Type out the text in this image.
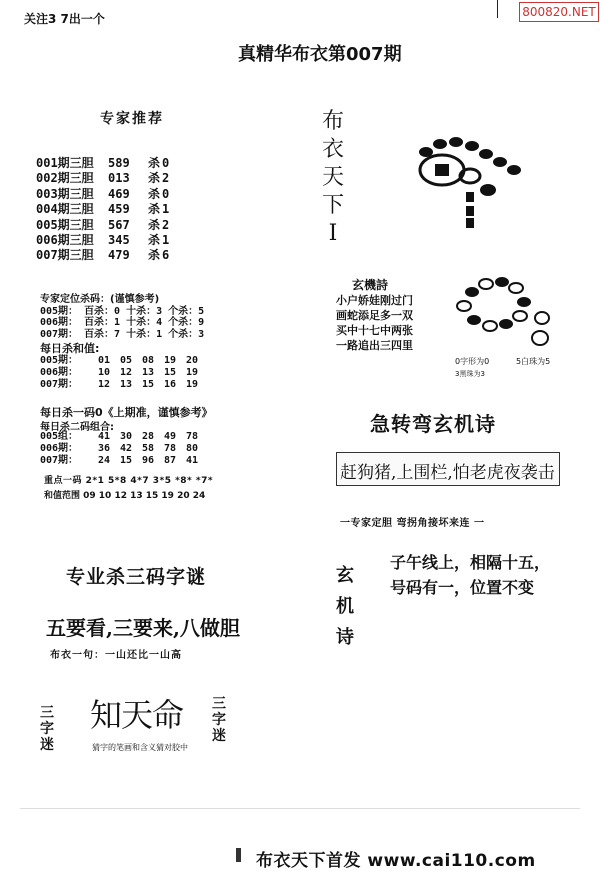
关注3 7出一个	800820.NET
真精华布衣第007期
专家推荐
001期三胆	589	杀 0
002期三胆	013	杀 2
003期三胆	469	杀 0
004期三胆	459	杀 1
005期三胆	567	杀 2
006期三胆	345	杀 1
007期三胆	479	杀 6
专家定位杀码：(谨慎参考)
005期： 百杀：0 十杀：3 个杀：5
006期： 百杀：1 十杀：4 个杀：9
007期： 百杀：7 十杀：1 个杀：3
每日杀和值:
005期：	01 05 08 19 20
006期：	10 12 13 15 19
007期：	12 13 15 16 19
每日杀一码0《上期准，谨慎参考》
每日杀二码组合:
005组：	41 30 28 49 78
006期：	36 42 58 78 80
007期：	24 15 96 87 41
重点一码 2*1 5*8 4*7 3*5 *8* *7*
和值范围 09 10 12 13 15 19 20 24
专业杀三码字谜
五要看,三要来,八做胆
布衣一句：一山还比一山高
三
字
迷
知天命
猜字的笔画和含义猜对胶中
三
字
迷
布
衣
天
下
I
玄機詩
小户娇娃刚过门
画蛇添足多一双
买中十七中两张
一路追出三四里
0字形为0	5白珠为5
3黑珠为3
急转弯玄机诗
赶狗猪,上围栏,怕老虎夜袭击
一专家定胆 弯拐角接坏来连 一
玄
机
诗
子午线上，相隔十五，
号码有一，位置不变
布衣天下首发 www.cai110.com
